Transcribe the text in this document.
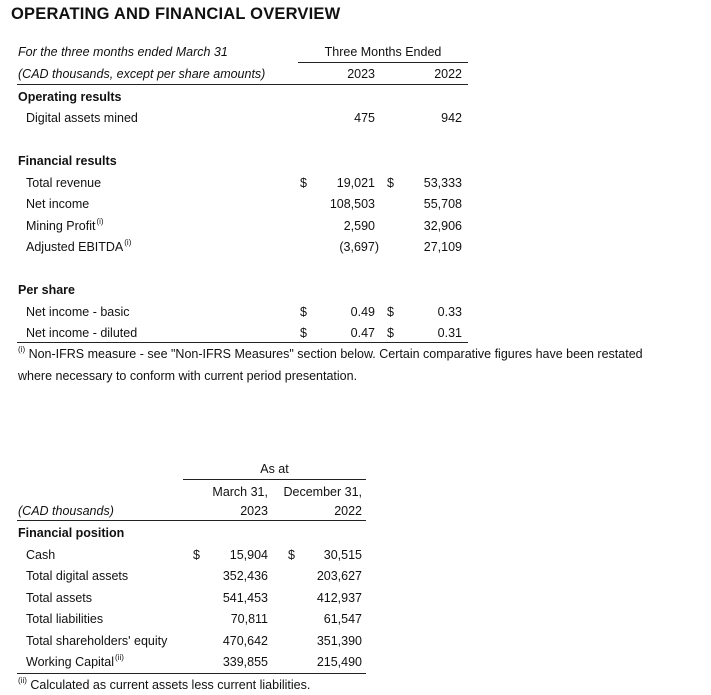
OPERATING AND FINANCIAL OVERVIEW
For the three months ended March 31
(CAD thousands, except per share amounts)
Three Months Ended
2023	2022
Operating results
Digital assets mined	475	942
Financial results
Total revenue	$	19,021 $	53,333
Net income	108,503	55,708
Mining Profit$^{(i)}$	2,590	32,906
Adjusted EBITDA$^{(i)}$	(3,697)	27,109
Per share
Net income - basic	$	0.49 $	0.33
Net income - diluted	$	0.47 $	0.31
$^{(i)}$ Non-IFRS measure - see "Non-IFRS Measures" section below. Certain comparative figures have been restated
where necessary to conform with current period presentation.
As at
March 31,	December 31,
(CAD thousands)	2023	2022
Financial position
Cash	$	15,904 $	30,515
Total digital assets	352,436	203,627
Total assets	541,453	412,937
Total liabilities	70,811	61,547
Total shareholders' equity	470,642	351,390
Working Capital$^{(ii)}$	339,855	215,490
$^{(ii)}$ Calculated as current assets less current liabilities.
